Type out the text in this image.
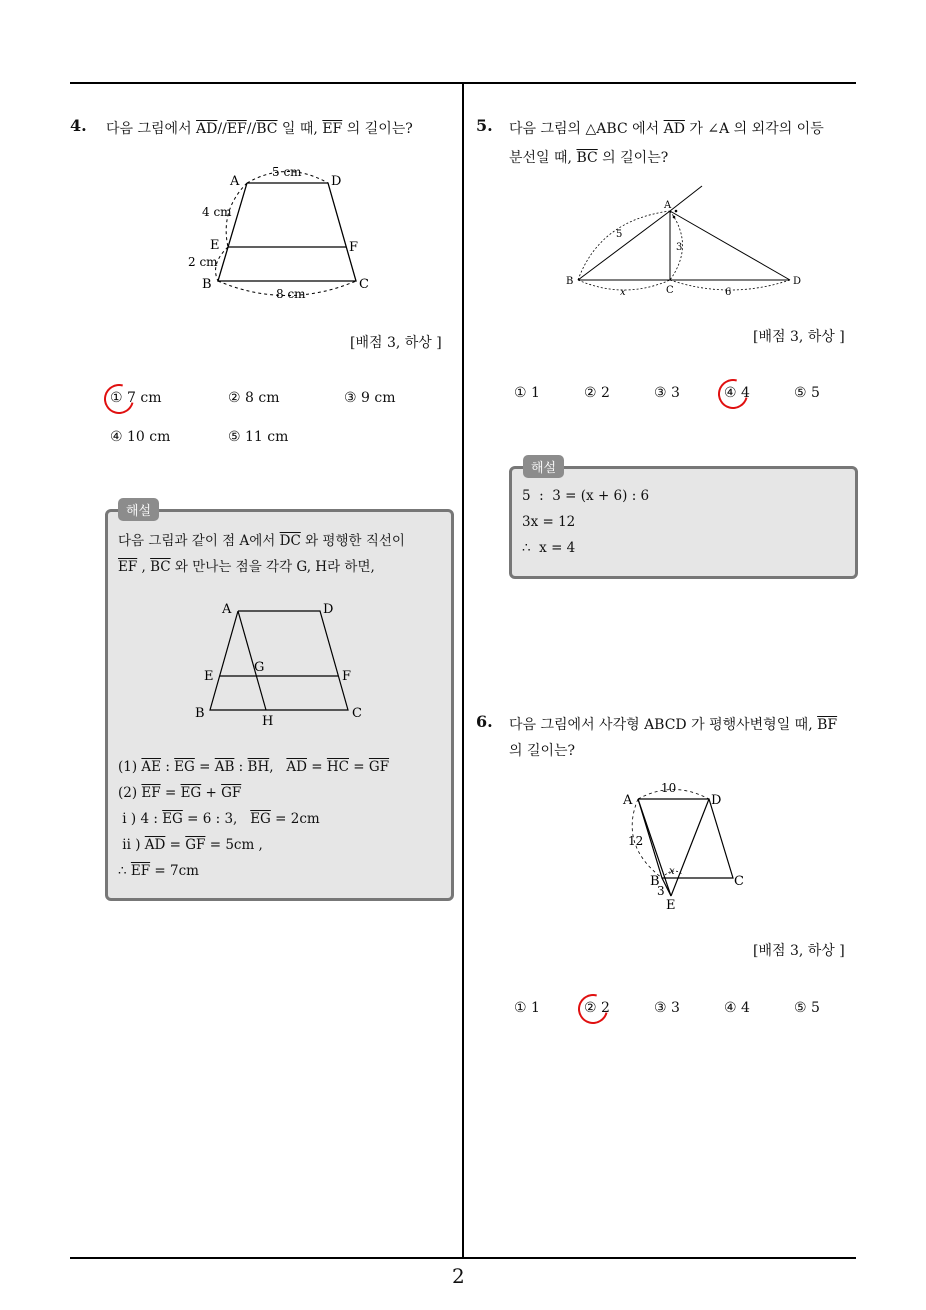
2
4. 다음 그림에서 $\overline{AD}//\overline{EF}//\overline{BC}$ 일 때, $\overline{EF}$ 의 길이는?
A	D
E	F
B	C
5 cm
4 cm
2 cm
8 cm
[배점 3, 하상 ]
① 7 cm	② 8 cm	③ 9 cm
④ 10 cm	⑤ 11 cm
해설
다음 그림과 같이 점 A에서 $\overline{DC}$ 와 평행한 직선이
$\overline{EF}$ , $\overline{BC}$ 와 만나는 점을 각각 G, H라 하면,
A	D
E
G
F
B
H
C
(1) $\overline{AE}$ : $\overline{EG} = \overline{AB}$ : $\overline{BH}$,   $\overline{AD} = \overline{HC} = \overline{GF}$
(2) $\overline{EF} = \overline{EG} + \overline{GF}$
i ) 4 : $\overline{EG} = 6$ : 3,   $\overline{EG} = 2cm$
ii ) $\overline{AD} = \overline{GF} = 5cm$ ,
∴ $\overline{EF} = 7cm$
5. 다음 그림의 △ABC 에서 $\overline{AD}$ 가 ∠A 의 외각의 이등
분선일 때, $\overline{BC}$ 의 길이는?
A
B
C
D
5
3
x	6
[배점 3, 하상 ]
① 1	② 2	③ 3	④ 4	⑤ 5
해설
5  :  3 = (x + 6) : 6
3x = 12
∴  x = 4
6. 다음 그림에서 사각형 ABCD 가 평행사변형일 때, $\overline{BF}$
의 길이는?
A	D
B	C
E
x
10
12
3
[배점 3, 하상 ]
① 1	② 2	③ 3	④ 4	⑤ 5
